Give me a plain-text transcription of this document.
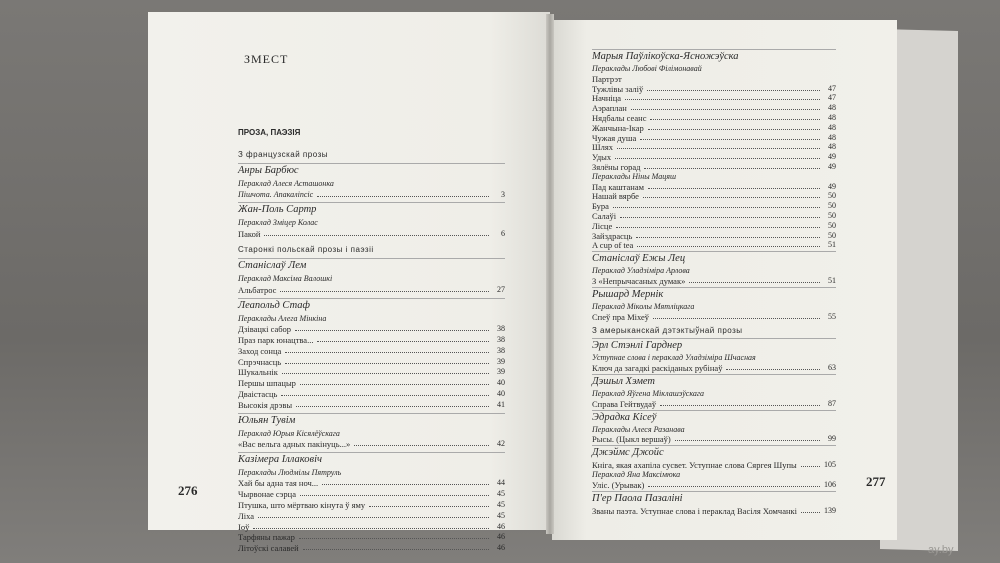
ЗМЕСТ
ПРОЗА, ПАЭЗІЯ
З французскай прозы
Анры Барбюс
Пераклад Алеся Асташонка
Пішчота. Апакаліпсіс	3
Жан-Поль Сартр
Пераклад Зміцер Колас
Пакой	6
Старонкі польскай прозы і паэзіі
Станіслаў Лем
Пераклад Максіма Валошкі
Альбатрос	27
Леапольд Стаф
Пераклады Алега Мінкіна
Дзівацкі сабор	38
Праз парк юнацтва...	38
Заход сонца	38
Спрэчнасць	39
Шукальнік	39
Першы шпацыр	40
Дваістасць	40
Высокія дрэвы	41
Юльян Тувім
Пераклад Юрыя Кісялёўскага
«Вас вельга адных пакінуць...»	42
Казімера Іллаковіч
Пераклады Людмілы Пятруль
Хай бы адна тая ноч...	44
Чырвонае сэрца	45
Птушка, што мёртваю кінута ў яму	45
Ліха	45
Іоў	46
Тарфяны пажар	46
Літоўскі салавей	46
Марыя Паўлікоўска-Ясножэўска
Пераклады Любові Філімонавай
Партрэт
Тужлівы заліў	47
Начніца	47
Аэраплан	48
Нядбалы сеанс	48
Жанчына-Ікар	48
Чужая душа	48
Шлях	48
Удых	49
Зялёны горад	49
Пераклады Ніны Мацяш
Пад каштанам	49
Нашай вярбе	50
Бура	50
Салаўі	50
Лісце	50
Зайздрасць	50
A cup of tea	51
Станіслаў Ежы Лец
Пераклад Уладзіміра Арлова
З «Непрычасаных думак»	51
Рышард Мернік
Пераклад Міколы Мятліцкага
Спеў пра Міхеў	55
З амерыканскай дэтэктыўнай прозы
Эрл Стэнлі Гарднер
Уступнае слова і пераклад Уладзіміра Шчасная
Ключ да загадкі раскіданых рубінаў	63
Дэшыл Хэмет
Пераклад Яўгена Міклашэўскага
Справа Гейтвудаў	87
Эдрадка Кісеў
Пераклады Алеся Разанава
Рысы. (Цыкл вершаў)	99
Джэймс Джойс
Кніга, якая ахапіла сусвет. Уступнае слова Сяргея Шупы	105
Пераклад Яна Максімюка
Уліс. (Урывак)	106
П'ер Паола Пазаліні
Званы паэта. Уступнае слова і пераклад Васіля Хомчанкі	139
276
277
ay.by
